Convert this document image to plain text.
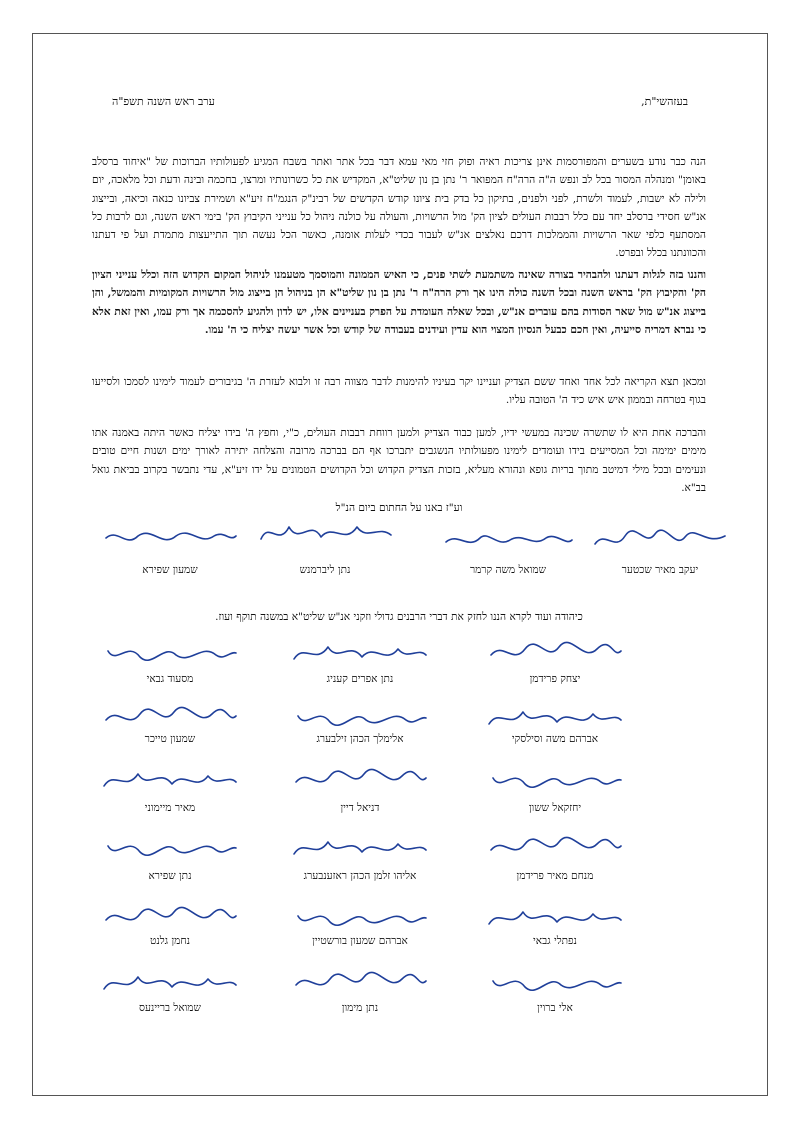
בעזהשי"ת,
ערב ראש השנה תשפ"ה
הנה כבר נודע בשערים והמפורסמות אינן צריכות ראיה ופוק חזי מאי עמא דבר בכל אתר ואתר בשבח המגיע לפעולותיו הברוכות של "איחוד ברסלב באומן" ומנהלה המסור בכל לב ונפש ה"ה הרה"ח המפואר ר' נתן בן נון שליט"א, המקדיש את כל כשרונותיו ומרצו, בחכמה ובינה ודעת וכל מלאכה, יום ולילה לא ישבות, לעמוד ולשרת, לפני ולפנים, בתיקון כל בדק בית ציונו קודש הקדשים של רבינ"ק הנגמ"ח זיע"א ושמירת צביונו כנאה וכיאה, ובייצוג אנ"ש חסידי ברסלב יחד עם כלל רבבות העולים לציון הק' מול הרשויות, והעולה על כולנה ניהול כל ענייני הקיבוץ הק' בימי ראש השנה, וגם לרבות כל המסתעף כלפי שאר הרשויות והממלכות דרכם נאלצים אנ"ש לעבור בכדי לעלות אומנה, כאשר הכל נעשה תוך התייעצות מתמדת ועל פי דעתנו והכוונתנו בכלל ובפרט.
והננו בזה לגלות דעתנו ולהבהיר בצורה שאינה משתמעת לשתי פנים, כי האיש הממונה והמוסמך מטעמנו לניהול המקום הקדוש הזה וכלל ענייני הציון הק' והקיבוץ הק' בראש השנה ובכל השנה כולה הינו אך ורק הרה"ח ר' נתן בן נון שליט"א הן בניהול הן בייצוג מול הרשויות המקומיות והממשל, והן בייצוג אנ"ש מול שאר הסודות בהם עוברים אנ"ש, ובכל שאלה העומדת על הפרק בעניינים אלו, יש לדון ולהגיע להסכמה אך ורק עמו, ואין זאת אלא כי נברא דמריה סייעיה, ואין חכם כבעל הנסיון המצוי הוא עדין ועידנים בעבודה של קודש וכל אשר יעשה יצליח כי ה' עמו.
ומכאן תצא הקריאה לכל אחד ואחד ששם הצדיק ועניינו יקר בעיניו להימנות לדבר מצווה רבה זו ולבוא לעזרת ה' בגיבורים לעמוד לימינו לסמכו ולסייעו בגוף בטרחה ובממון איש איש כיד ה' הטובה עליו.
והברכה אחת היא לו שתשרה שכינה במעשי ידיו, למען כבוד הצדיק ולמען רווחת רבבות העולים, כ"י, וחפץ ה' בידו יצליח כאשר היתה באמנה אתו מימים ימימה וכל המסייעים בידו ועומדים לימינו מפעולותיו הנשגבים יתברכו אף הם בברכה מרובה והצלחה יתירה לאורך ימים ושנות חיים טובים ונעימים ובכל מילי דמיטב מתוך בריות גופא ונהורא מעליא, בזכות הצדיק הקדוש וכל הקדושים הטמונים על ידו זיע"א, עדי נתבשר בקרוב בביאת גואל בב"א.
וע"ז באנו על החתום ביום הנ"ל
כיהודה ועוד לקרא הננו לחזק את דברי הרבנים גדולי וזקני אנ"ש שליט"א במשנה תוקף ועוז.
יעקב מאיר שכטער
שמואל משה קרמר
נתן ליברמנש
שמעון שפירא
יצחק פרידמן
נתן אפרים קעניג
מסעוד גבאי
אברהם משה וסילסקי
אלימלך הכהן זילבערג
שמעון טייכר
יחזקאל ששון
דניאל דיין
מאיר מיימוני
מנחם מאיר פרידמן
אליהו זלמן הכהן ראזענבערג
נתן שפירא
נפתלי גבאי
אברהם שמעון בורשטיין
נחמן גלנט
אלי ברוין
נתן מימון
שמואל בריינעס
